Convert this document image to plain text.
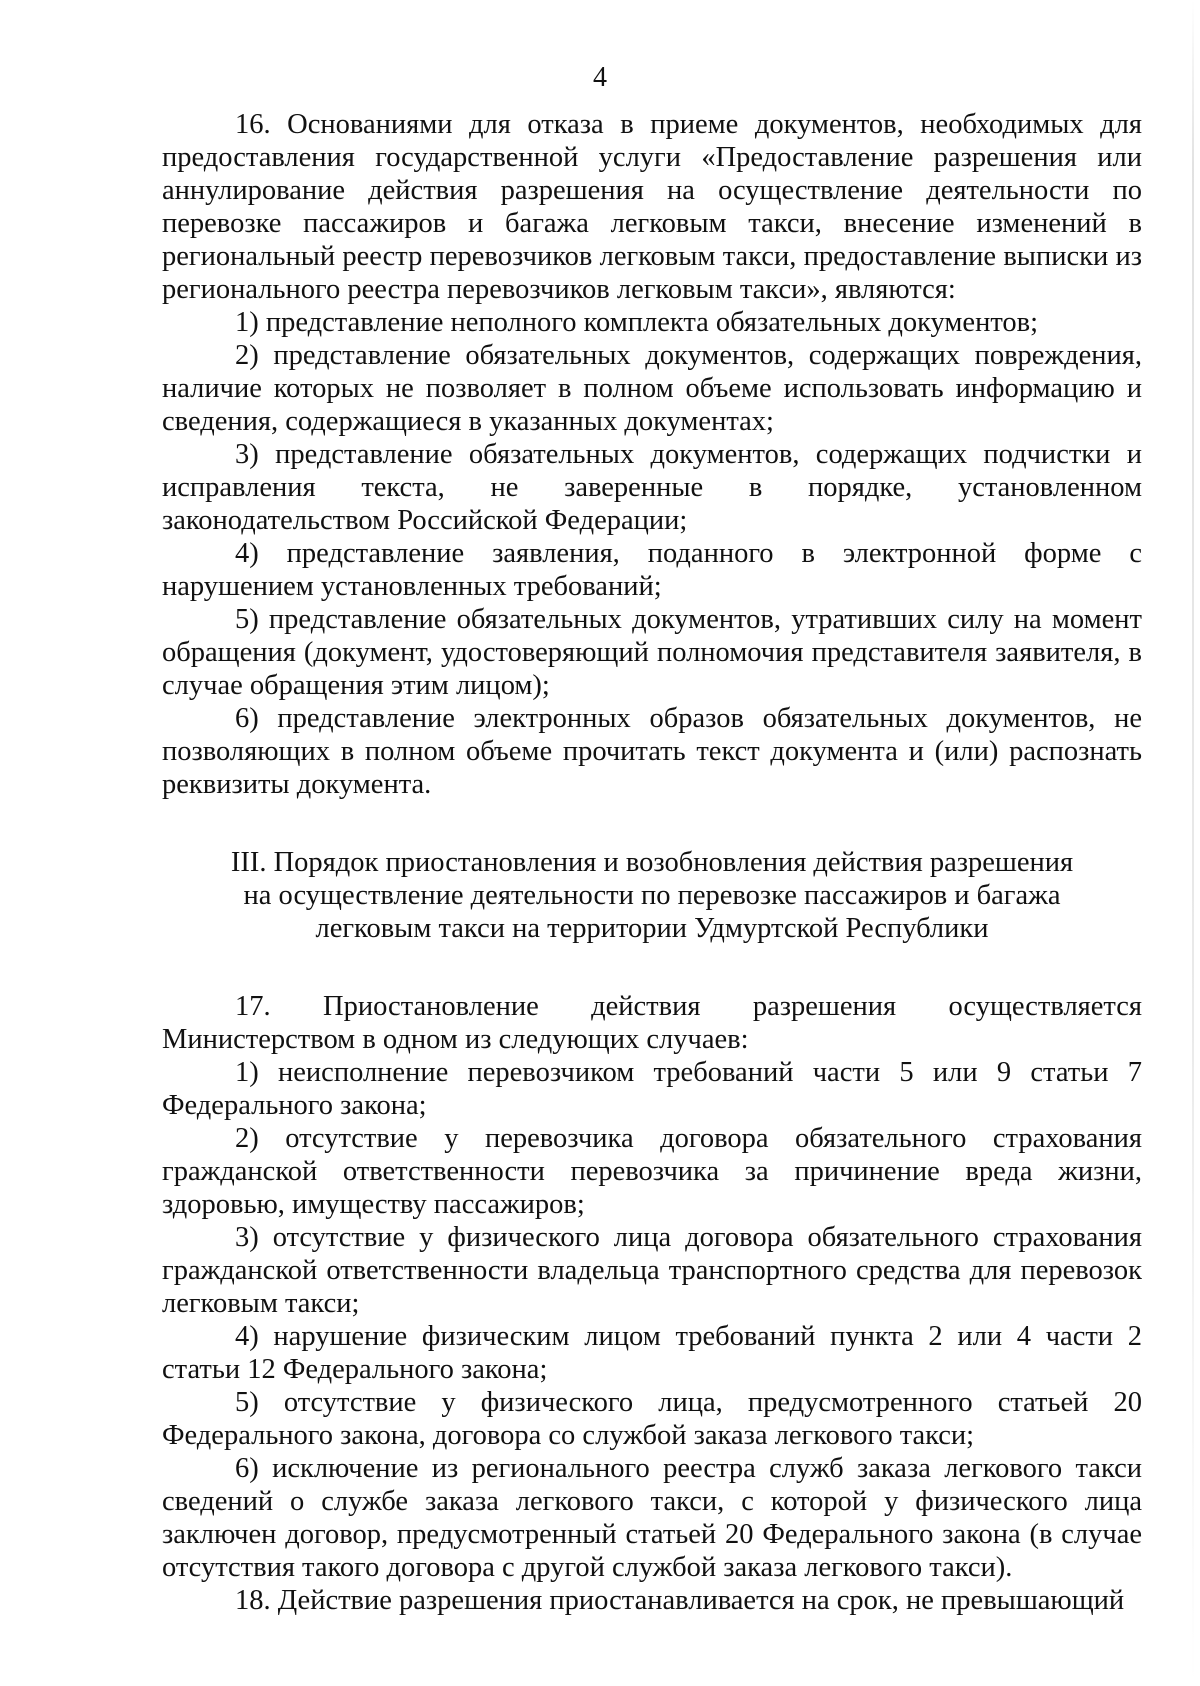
4

16. Основаниями для отказа в приеме документов, необходимых для предоставления государственной услуги «Предоставление разрешения или аннулирование действия разрешения на осуществление деятельности по перевозке пассажиров и багажа легковым такси, внесение изменений в региональный реестр перевозчиков легковым такси, предоставление выписки из регионального реестра перевозчиков легковым такси», являются:

1) представление неполного комплекта обязательных документов;

2) представление обязательных документов, содержащих повреждения, наличие которых не позволяет в полном объеме использовать информацию и сведения, содержащиеся в указанных документах;

3) представление обязательных документов, содержащих подчистки и исправления текста, не заверенные в порядке, установленном законодательством Российской Федерации;

4) представление заявления, поданного в электронной форме с нарушением установленных требований;

5) представление обязательных документов, утративших силу на момент обращения (документ, удостоверяющий полномочия представителя заявителя, в случае обращения этим лицом);

6) представление электронных образов обязательных документов, не позволяющих в полном объеме прочитать текст документа и (или) распознать реквизиты документа.

III. Порядок приостановления и возобновления действия разрешения
на осуществление деятельности по перевозке пассажиров и багажа
легковым такси на территории Удмуртской Республики

17. Приостановление действия разрешения осуществляется Министерством в одном из следующих случаев:

1) неисполнение перевозчиком требований части 5 или 9 статьи 7 Федерального закона;

2) отсутствие у перевозчика договора обязательного страхования гражданской ответственности перевозчика за причинение вреда жизни, здоровью, имуществу пассажиров;

3) отсутствие у физического лица договора обязательного страхования гражданской ответственности владельца транспортного средства для перевозок легковым такси;

4) нарушение физическим лицом требований пункта 2 или 4 части 2 статьи 12 Федерального закона;

5) отсутствие у физического лица, предусмотренного статьей 20 Федерального закона, договора со службой заказа легкового такси;

6) исключение из регионального реестра служб заказа легкового такси сведений о службе заказа легкового такси, с которой у физического лица заключен договор, предусмотренный статьей 20 Федерального закона (в случае отсутствия такого договора с другой службой заказа легкового такси).

18. Действие разрешения приостанавливается на срок, не превышающий
